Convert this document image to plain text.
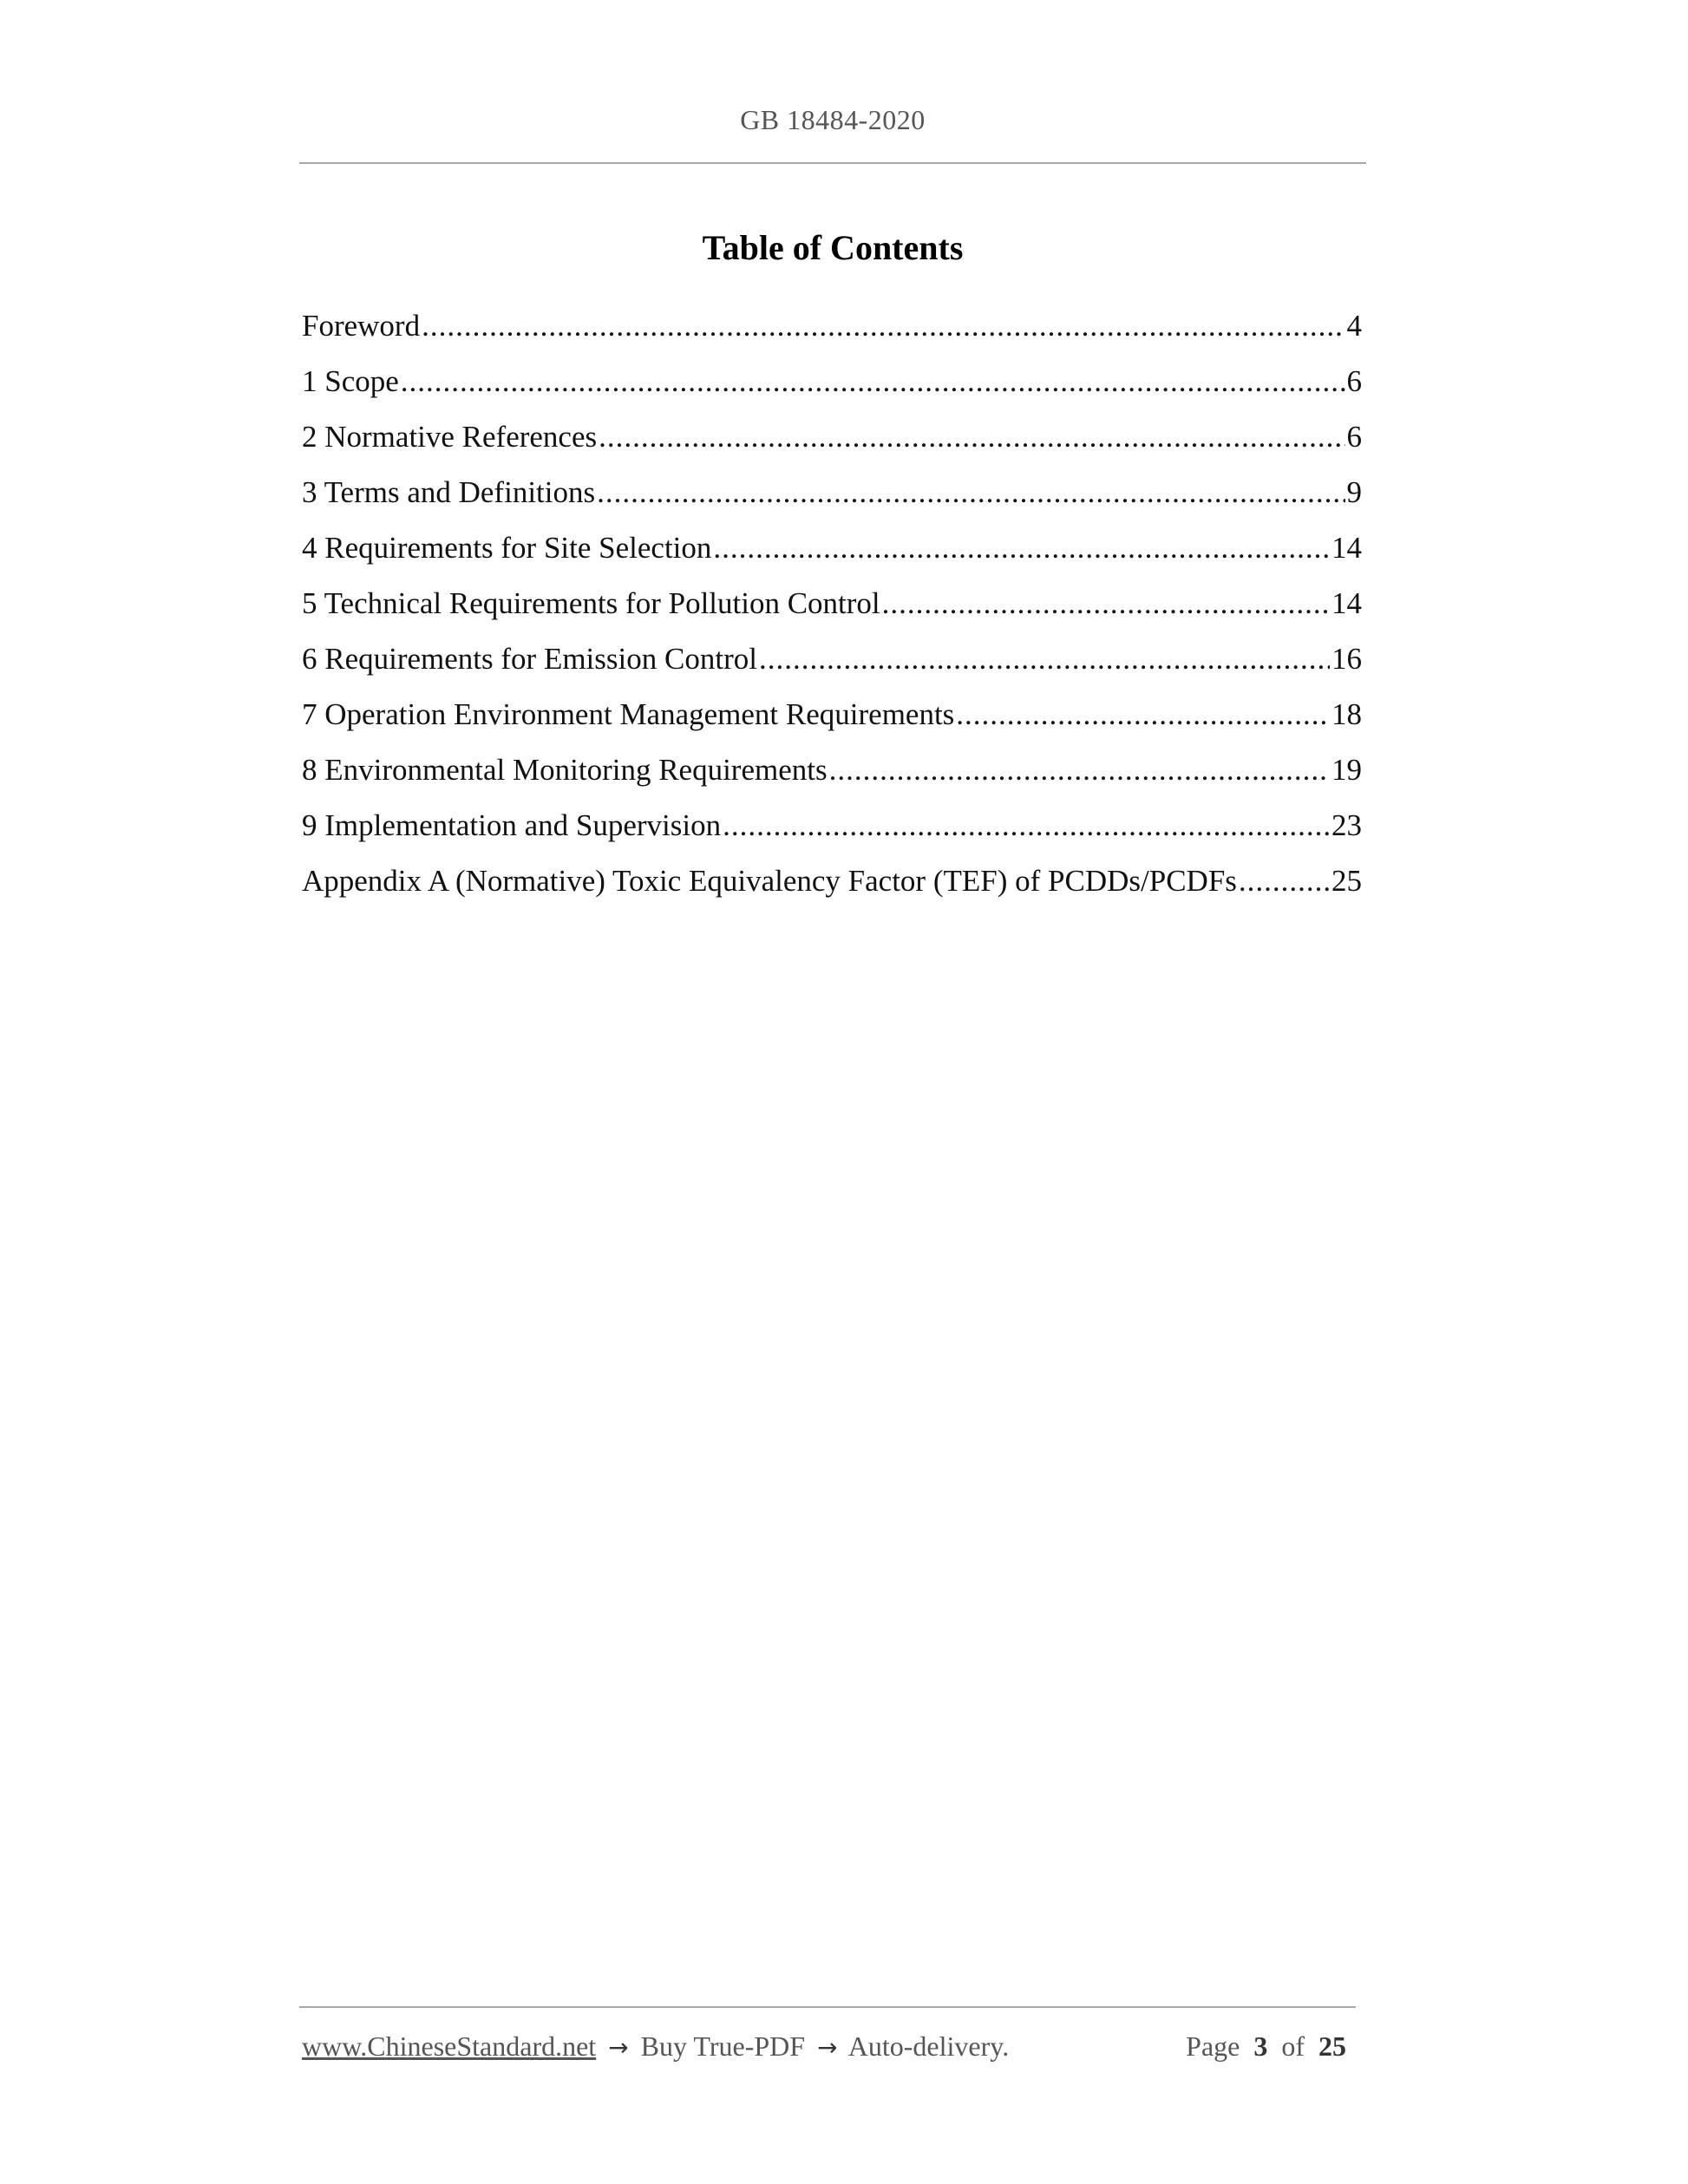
GB 18484-2020
Table of Contents
Foreword .....	4
1 Scope .....	6
2 Normative References .....	6
3 Terms and Definitions .....	9
4 Requirements for Site Selection .....	14
5 Technical Requirements for Pollution Control .....	14
6 Requirements for Emission Control .....	16
7 Operation Environment Management Requirements .....	18
8 Environmental Monitoring Requirements .....	19
9 Implementation and Supervision .....	23
Appendix A (Normative) Toxic Equivalency Factor (TEF) of PCDDs/PCDFs .....	25
www.ChineseStandard.net → Buy True-PDF → Auto-delivery.	Page 3 of 25
